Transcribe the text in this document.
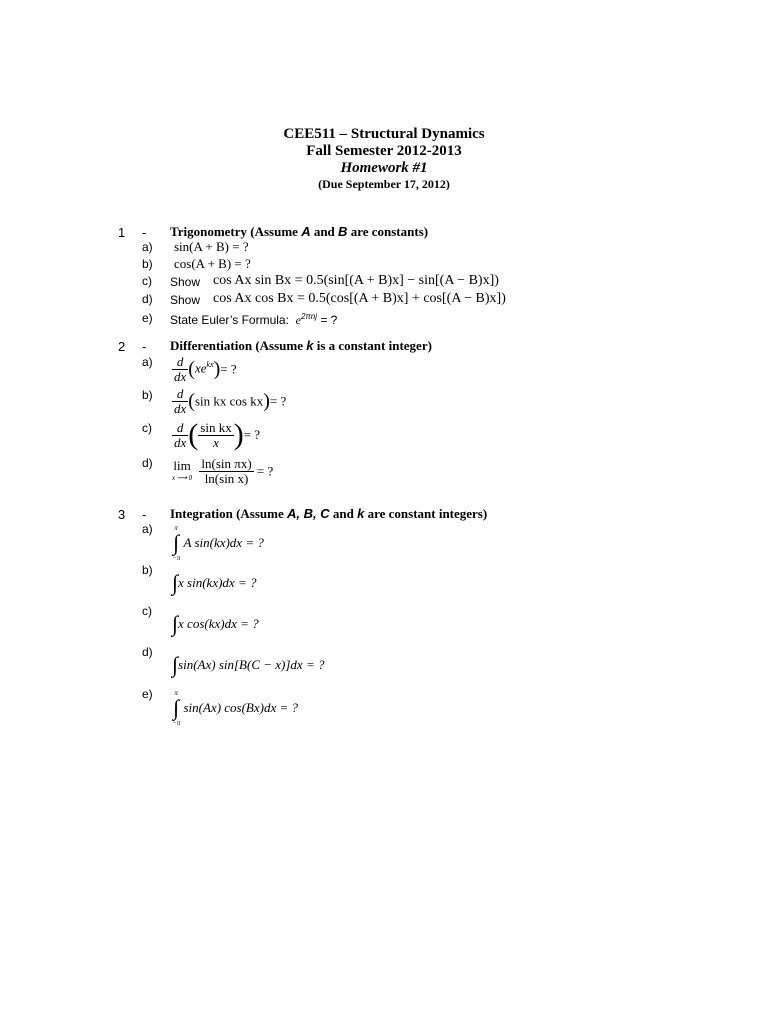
CEE511 – Structural Dynamics
Fall Semester 2012-2013
Homework #1
(Due September 17, 2012)
1 - Trigonometry (Assume A and B are constants)
a) sin(A + B) = ?
b) cos(A + B) = ?
c) Show cos Ax sin Bx = 0.5(sin[(A + B)x] − sin[(A − B)x])
d) Show cos Ax cos Bx = 0.5(cos[(A + B)x] + cos[(A − B)x])
e) State Euler’s Formula: $e^{2\pi nj}$ = ?
2 - Differentiation (Assume k is a constant integer)
$a) \frac{d}{dx} (xe^{kx})=$ ?
$b) \frac{d}{dx} (\sin$ kx cos kx)= ?
$c) \frac{d}{dx}$ ( $\frac{\text{sin kx}}{x}$ )= ?
d) lim
x ⟶ 0
$\frac{\text{ln(sin πx)}}{\text{ln(sin x)}}$ = ?
3 - Integration (Assume A, B, C and k are constant integers)
a)	π
∫
−π
A sin(kx)dx = ?
b) ∫x sin(kx)dx = ?
c) ∫x cos(kx)dx = ?
d) ∫sin(Ax) sin[B(C − x)]dx = ?
e)	π
∫
−π
sin(Ax) cos(Bx)dx = ?
